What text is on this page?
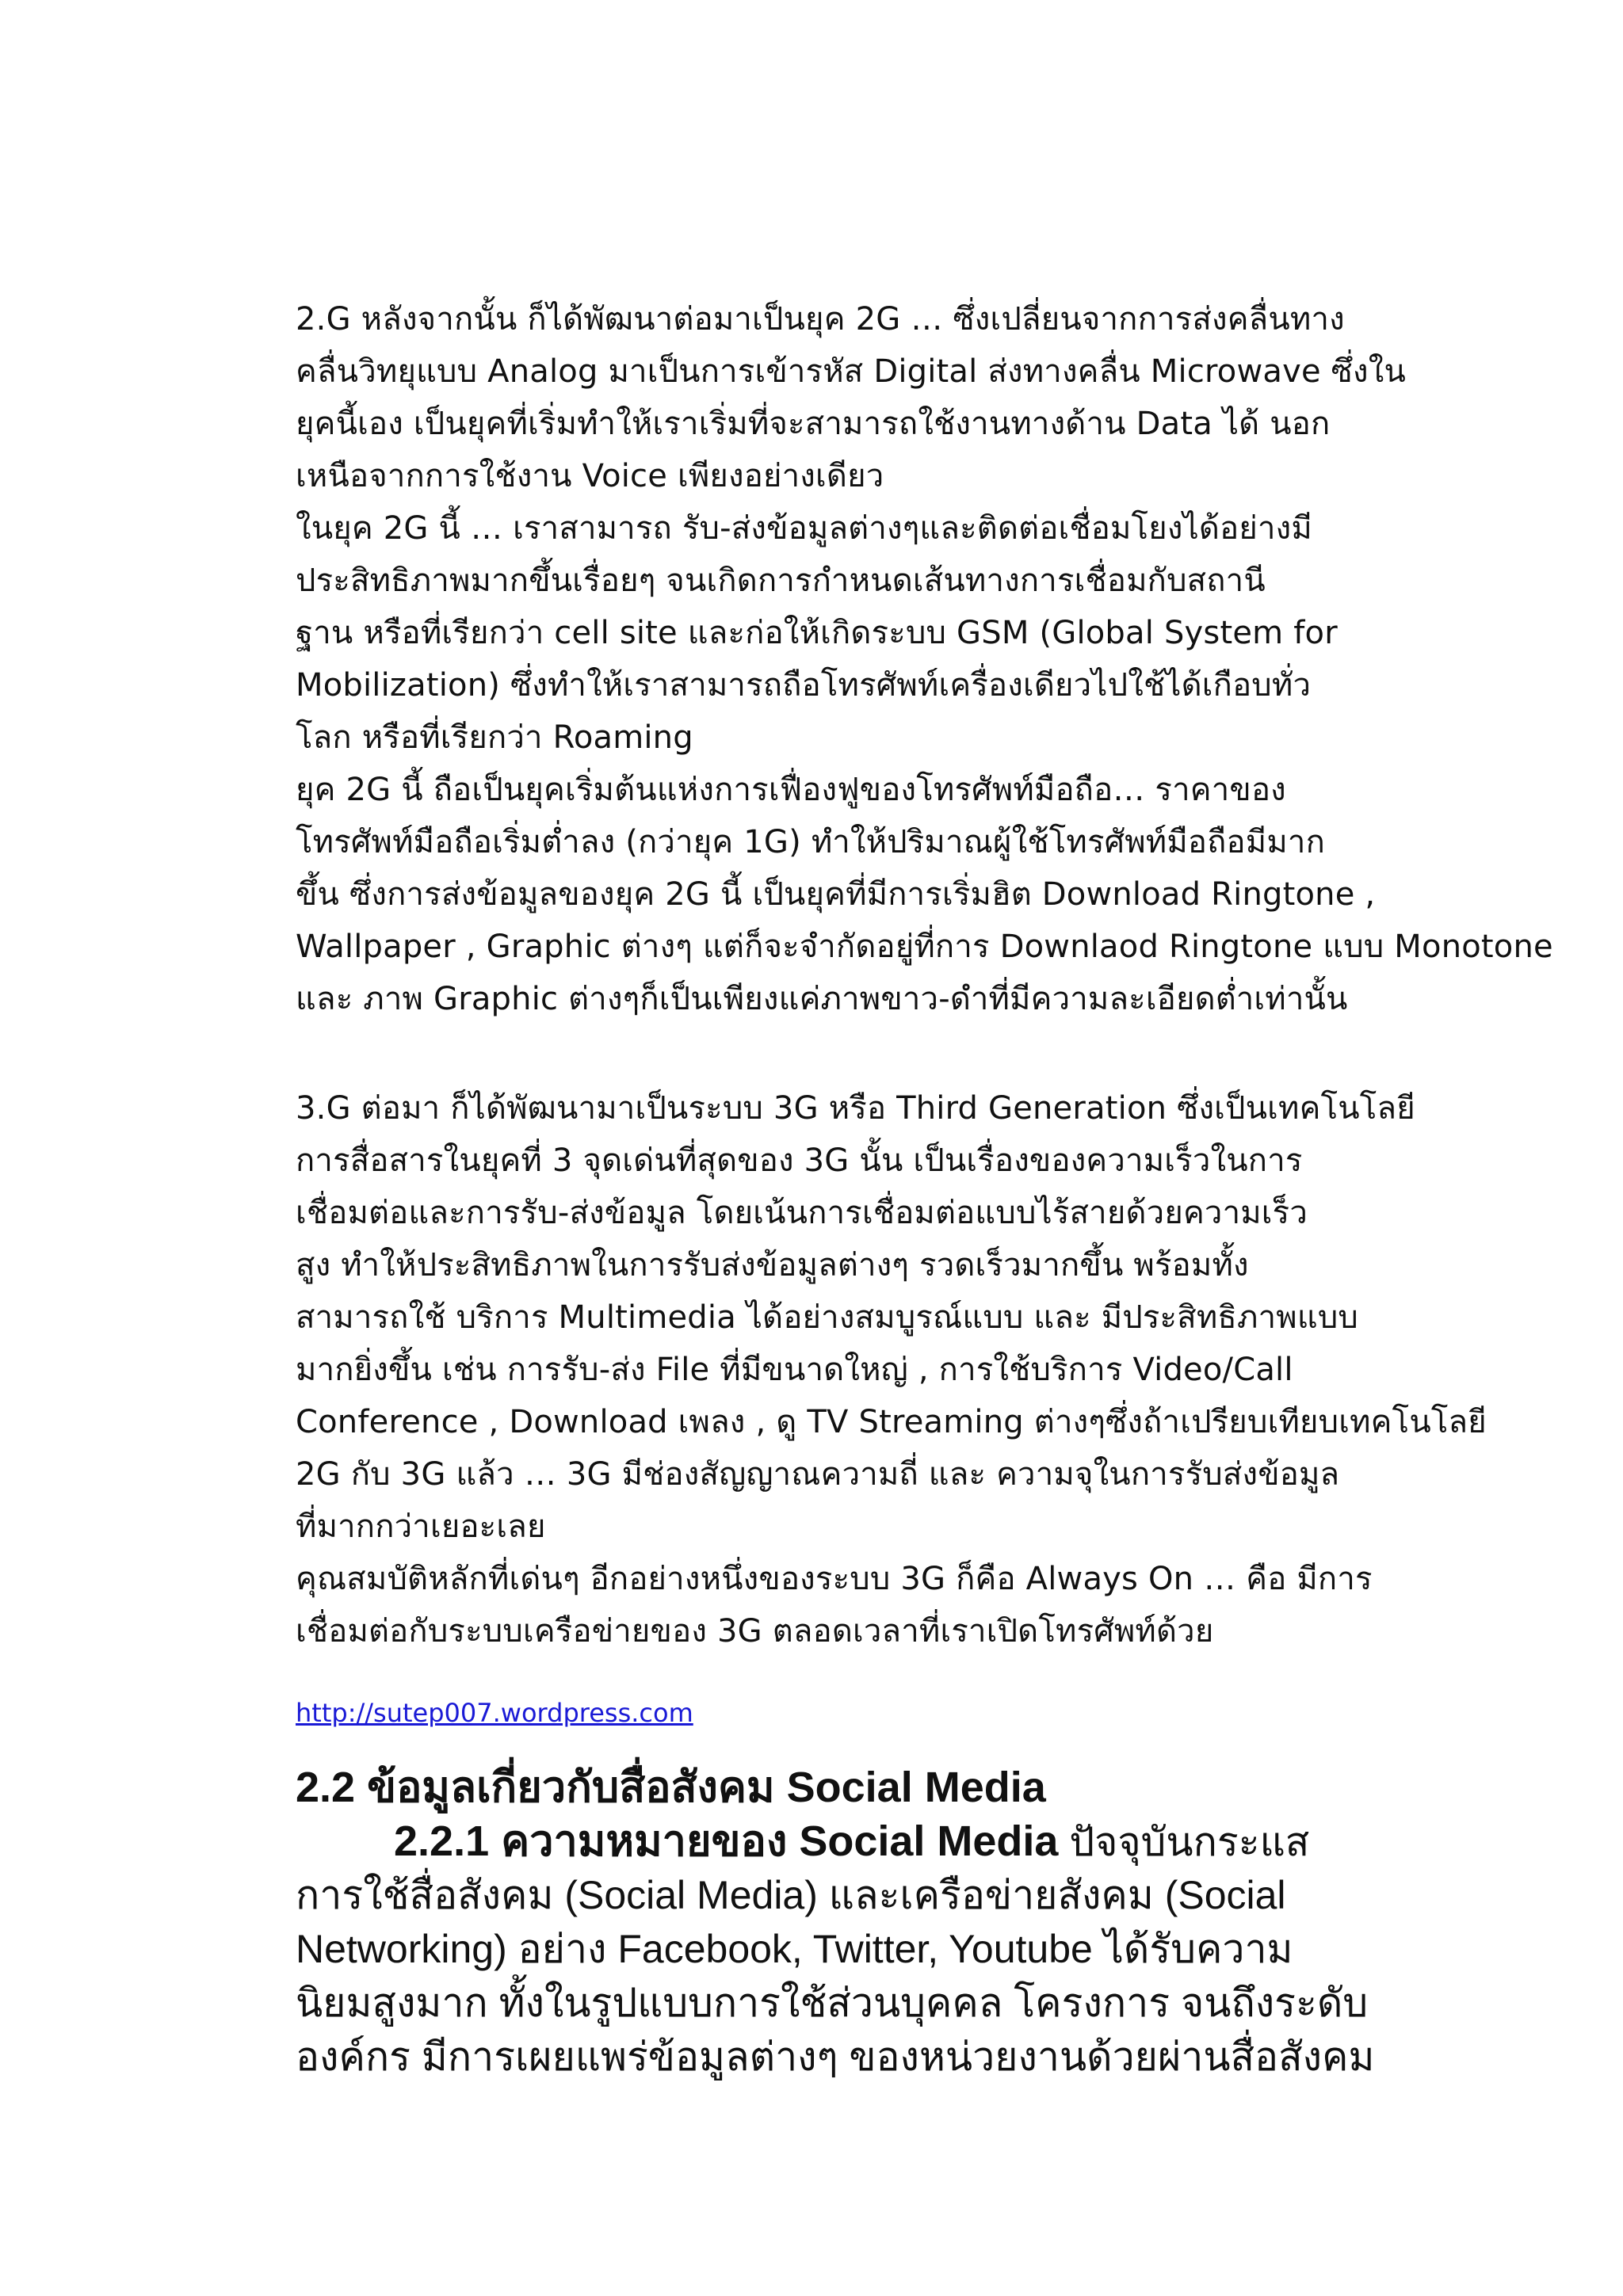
2.G หลังจากนั้น ก็ได้พัฒนาต่อมาเป็นยุค 2G … ซึ่งเปลี่ยนจากการส่งคลื่นทาง
คลื่นวิทยุแบบ Analog มาเป็นการเข้ารหัส Digital ส่งทางคลื่น Microwave ซึ่งใน
ยุคนี้เอง เป็นยุคที่เริ่มทำให้เราเริ่มที่จะสามารถใช้งานทางด้าน Data ได้ นอก
เหนือจากการใช้งาน Voice เพียงอย่างเดียว
ในยุค 2G นี้ … เราสามารถ รับ-ส่งข้อมูลต่างๆและติดต่อเชื่อมโยงได้อย่างมี
ประสิทธิภาพมากขึ้นเรื่อยๆ จนเกิดการกำหนดเส้นทางการเชื่อมกับสถานี
ฐาน หรือที่เรียกว่า cell site และก่อให้เกิดระบบ GSM (Global System for
Mobilization) ซึ่งทำให้เราสามารถถือโทรศัพท์เครื่องเดียวไปใช้ได้เกือบทั่ว
โลก หรือที่เรียกว่า Roaming
ยุค 2G นี้ ถือเป็นยุคเริ่มต้นแห่งการเฟื่องฟูของโทรศัพท์มือถือ… ราคาของ
โทรศัพท์มือถือเริ่มต่ำลง (กว่ายุค 1G) ทำให้ปริมาณผู้ใช้โทรศัพท์มือถือมีมาก
ขึ้น ซึ่งการส่งข้อมูลของยุค 2G นี้ เป็นยุคที่มีการเริ่มฮิต Download Ringtone ,
Wallpaper , Graphic ต่างๆ แต่ก็จะจำกัดอยู่ที่การ Downlaod Ringtone แบบ Monotone
และ ภาพ Graphic ต่างๆก็เป็นเพียงแค่ภาพขาว-ดำที่มีความละเอียดต่ำเท่านั้น
3.G ต่อมา ก็ได้พัฒนามาเป็นระบบ 3G หรือ Third Generation ซึ่งเป็นเทคโนโลยี
การสื่อสารในยุคที่ 3 จุดเด่นที่สุดของ 3G นั้น เป็นเรื่องของความเร็วในการ
เชื่อมต่อและการรับ-ส่งข้อมูล โดยเน้นการเชื่อมต่อแบบไร้สายด้วยความเร็ว
สูง ทำให้ประสิทธิภาพในการรับส่งข้อมูลต่างๆ รวดเร็วมากขึ้น พร้อมทั้ง
สามารถใช้ บริการ Multimedia ได้อย่างสมบูรณ์แบบ และ มีประสิทธิภาพแบบ
มากยิ่งขึ้น เช่น การรับ-ส่ง File ที่มีขนาดใหญ่ , การใช้บริการ Video/Call
Conference , Download เพลง , ดู TV Streaming ต่างๆซึ่งถ้าเปรียบเทียบเทคโนโลยี
2G กับ 3G แล้ว … 3G มีช่องสัญญาณความถี่ และ ความจุในการรับส่งข้อมูล
ที่มากกว่าเยอะเลย
คุณสมบัติหลักที่เด่นๆ อีกอย่างหนึ่งของระบบ 3G ก็คือ Always On … คือ มีการ
เชื่อมต่อกับระบบเครือข่ายของ 3G ตลอดเวลาที่เราเปิดโทรศัพท์ด้วย
http://sutep007.wordpress.com
2.2 ข้อมูลเกี่ยวกับสื่อสังคม Social Media
2.2.1 ความหมายของ Social Media ปัจจุบันกระแส
การใช้สื่อสังคม (Social Media) และเครือข่ายสังคม (Social
Networking) อย่าง Facebook, Twitter, Youtube ได้รับความ
นิยมสูงมาก ทั้งในรูปแบบการใช้ส่วนบุคคล โครงการ จนถึงระดับ
องค์กร มีการเผยแพร่ข้อมูลต่างๆ ของหน่วยงานด้วยผ่านสื่อสังคม
